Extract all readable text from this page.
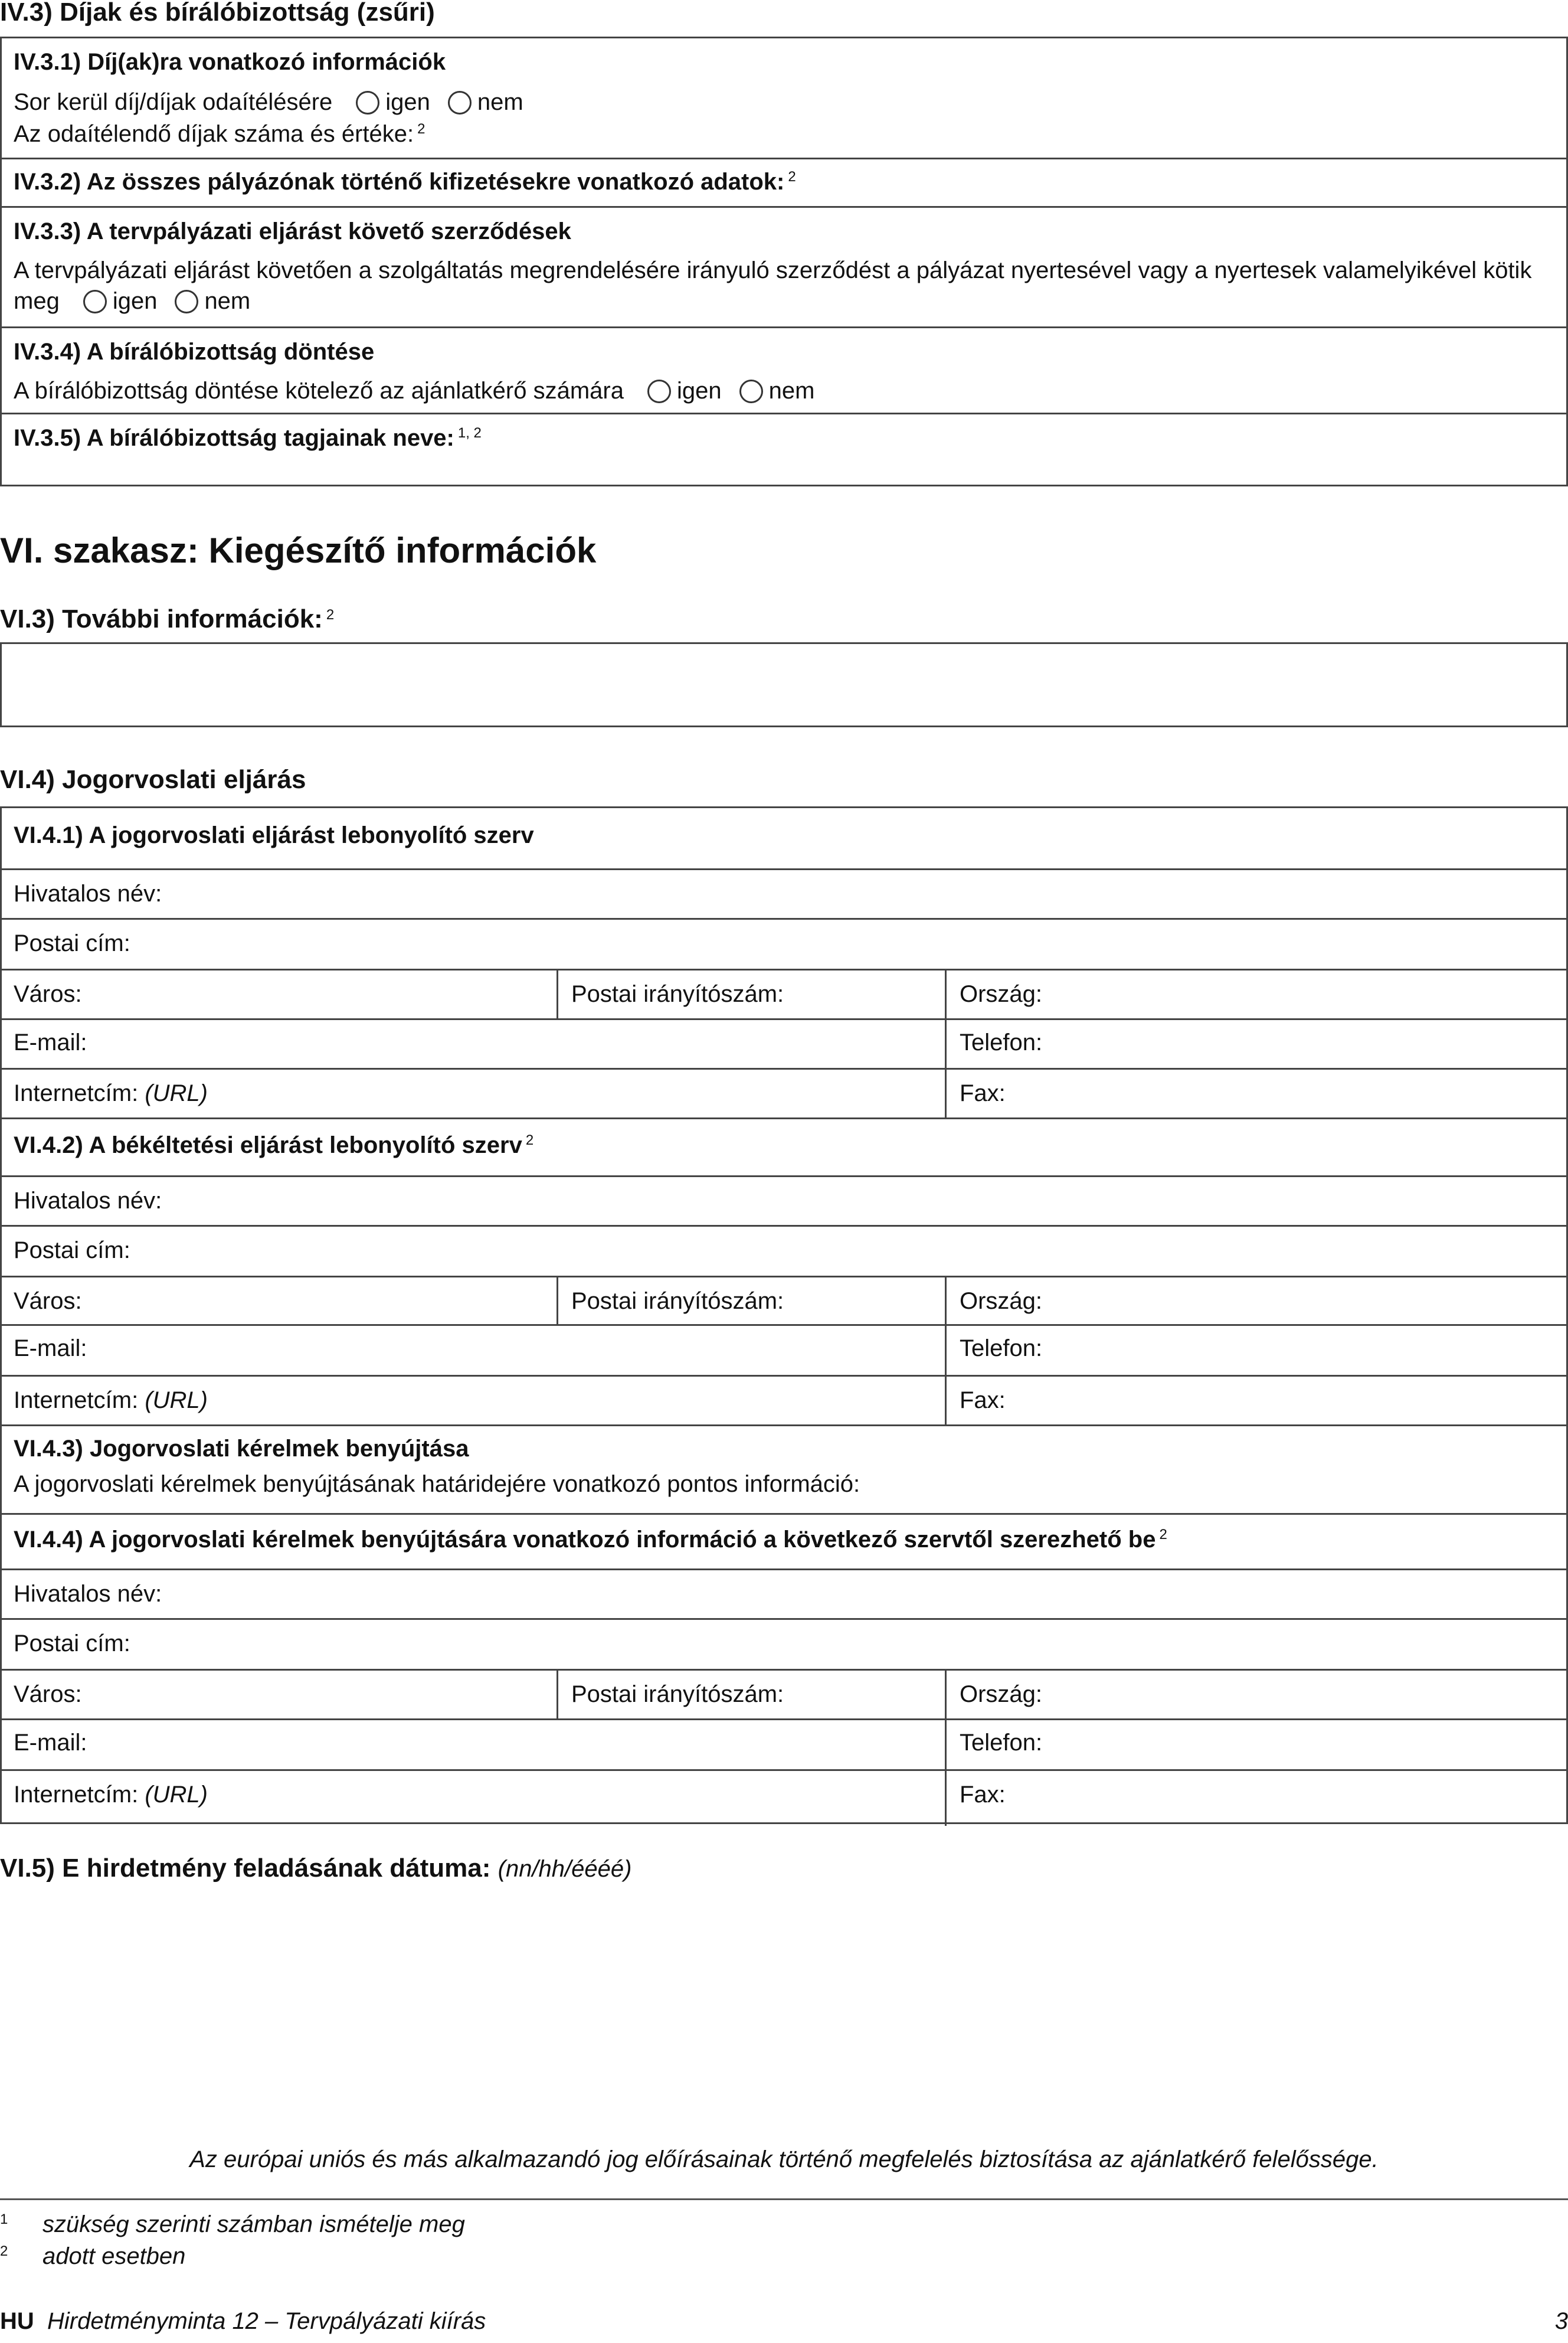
IV.3) Díjak és bírálóbizottság (zsűri)
IV.3.1) Díj(ak)ra vonatkozó információk
Sor kerül díj/díjak odaítélésére igen nem
Az odaítélendő díjak száma és értéke: $^2$
IV.3.2) Az összes pályázónak történő kifizetésekre vonatkozó adatok: $^2$
IV.3.3) A tervpályázati eljárást követő szerződések
A tervpályázati eljárást követően a szolgáltatás megrendelésére irányuló szerződést a pályázat nyertesével vagy a nyertesek valamelyikével kötik meg igen nem
IV.3.4) A bírálóbizottság döntése
A bírálóbizottság döntése kötelező az ajánlatkérő számára igen nem
IV.3.5) A bírálóbizottság tagjainak neve: $^{1, 2}$
VI. szakasz: Kiegészítő információk
VI.3) További információk: $^2$
VI.4) Jogorvoslati eljárás
VI.4.1) A jogorvoslati eljárást lebonyolító szerv
Hivatalos név:
Postai cím:
Város:	Postai irányítószám:	Ország:
E-mail:	Telefon:
Internetcím: (URL)	Fax:
VI.4.2) A békéltetési eljárást lebonyolító szerv $^2$
Hivatalos név:
Postai cím:
Város:	Postai irányítószám:	Ország:
E-mail:	Telefon:
Internetcím: (URL)	Fax:
VI.4.3) Jogorvoslati kérelmek benyújtása
A jogorvoslati kérelmek benyújtásának határidejére vonatkozó pontos információ:
VI.4.4) A jogorvoslati kérelmek benyújtására vonatkozó információ a következő szervtől szerezhető be $^2$
Hivatalos név:
Postai cím:
Város:	Postai irányítószám:	Ország:
E-mail:	Telefon:
Internetcím: (URL)	Fax:
VI.5) E hirdetmény feladásának dátuma: (nn/hh/éééé)
Az európai uniós és más alkalmazandó jog előírásainak történő megfelelés biztosítása az ajánlatkérő felelőssége.
1 szükség szerinti számban ismételje meg
2 adott esetben
HU Hirdetményminta 12 – Tervpályázati kiírás	3
